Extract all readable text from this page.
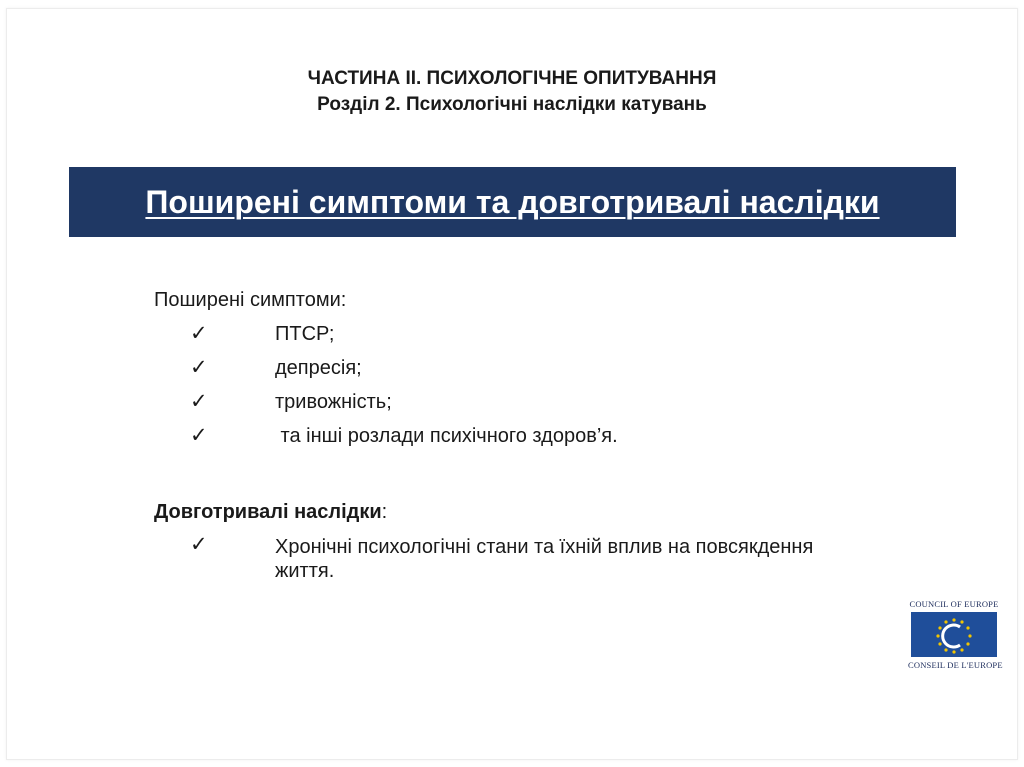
ЧАСТИНА ІІ. ПСИХОЛОГІЧНЕ ОПИТУВАННЯ
Розділ 2. Психологічні наслідки катувань
Поширені симптоми та довготривалі наслідки

Поширені симптоми:

✓	ПТСР;
✓	депресія;
✓	тривожність;
✓	та інші розлади психічного здоров’я.

Довготривалі наслідки:

✓	Хронічні психологічні стани та їхній вплив на повсякдення життя.
COUNCIL OF EUROPE
CONSEIL DE L'EUROPE
